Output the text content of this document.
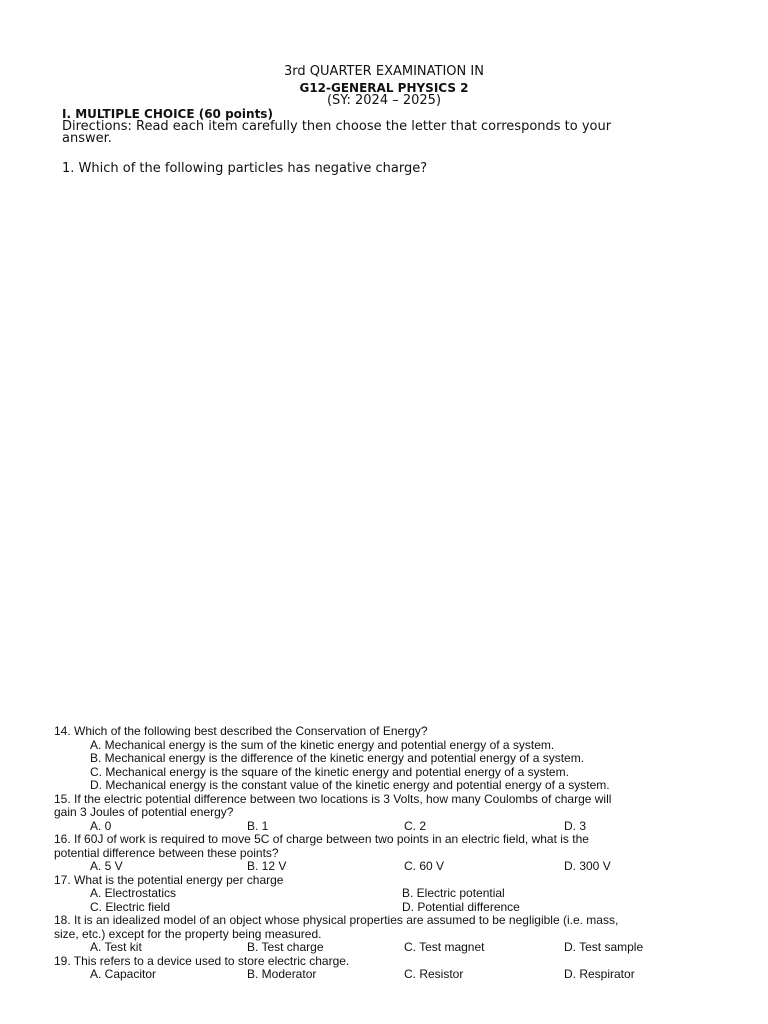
3rd QUARTER EXAMINATION IN
G12-GENERAL PHYSICS 2
(SY: 2024 – 2025)
I. MULTIPLE CHOICE (60 points)
Directions: Read each item carefully then choose the letter that corresponds to your answer.
1. Which of the following particles has negative charge?
14. Which of the following best described the Conservation of Energy?
A. Mechanical energy is the sum of the kinetic energy and potential energy of a system.
B. Mechanical energy is the difference of the kinetic energy and potential energy of a system.
C. Mechanical energy is the square of the kinetic energy and potential energy of a system.
D. Mechanical energy is the constant value of the kinetic energy and potential energy of a system.
15. If the electric potential difference between two locations is 3 Volts, how many Coulombs of charge will
gain 3 Joules of potential energy?
A. 0	B. 1	C. 2	D. 3
16. If 60J of work is required to move 5C of charge between two points in an electric field, what is the
potential difference between these points?
A. 5 V	B. 12 V	C. 60 V	D. 300 V
17. What is the potential energy per charge
A. Electrostatics	B. Electric potential
C. Electric field	D. Potential difference
18. It is an idealized model of an object whose physical properties are assumed to be negligible (i.e. mass,
size, etc.) except for the property being measured.
A. Test kit	B. Test charge	C. Test magnet	D. Test sample
19. This refers to a device used to store electric charge.
A. Capacitor	B. Moderator	C. Resistor	D. Respirator
